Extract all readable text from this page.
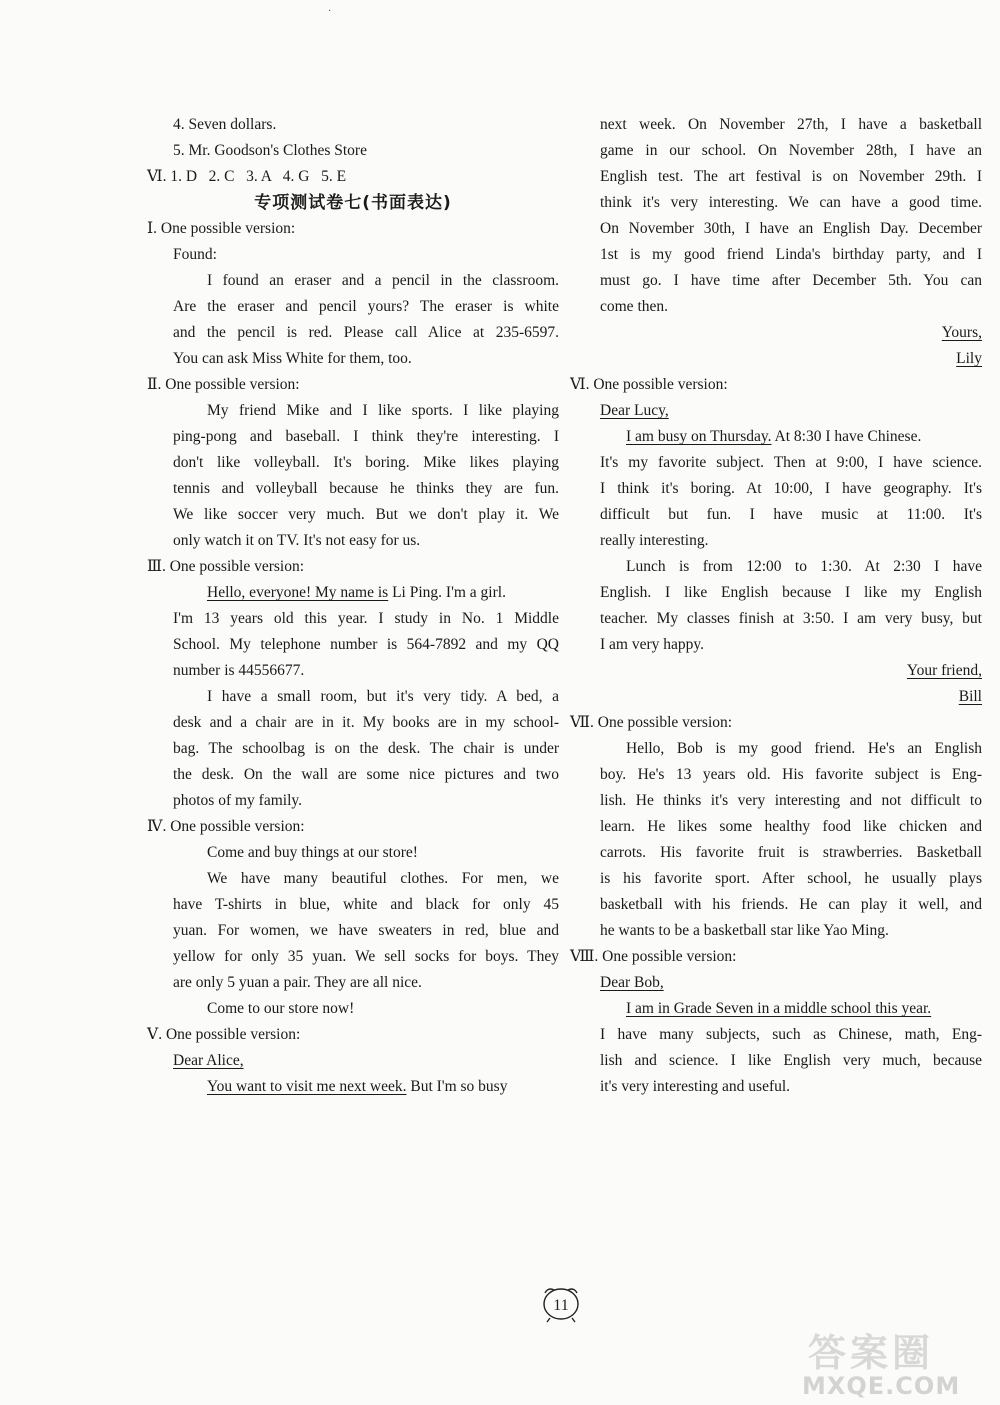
·
4. Seven dollars.
5. Mr. Goodson's Clothes Store
Ⅵ. 1. D 2. C 3. A 4. G 5. E
专项测试卷七(书面表达)
Ⅰ. One possible version:
Found:
I found an eraser and a pencil in the classroom.
Are the eraser and pencil yours? The eraser is white
and the pencil is red. Please call Alice at 235-6597.
You can ask Miss White for them, too.
Ⅱ. One possible version:
My friend Mike and I like sports. I like playing
ping-pong and baseball. I think they're interesting. I
don't like volleyball. It's boring. Mike likes playing
tennis and volleyball because he thinks they are fun.
We like soccer very much. But we don't play it. We
only watch it on TV. It's not easy for us.
Ⅲ. One possible version:
Hello, everyone! My name is Li Ping. I'm a girl.
I'm 13 years old this year. I study in No. 1 Middle
School. My telephone number is 564-7892 and my QQ
number is 44556677.
I have a small room, but it's very tidy. A bed, a
desk and a chair are in it. My books are in my school-
bag. The schoolbag is on the desk. The chair is under
the desk. On the wall are some nice pictures and two
photos of my family.
Ⅳ. One possible version:
Come and buy things at our store!
We have many beautiful clothes. For men, we
have T-shirts in blue, white and black for only 45
yuan. For women, we have sweaters in red, blue and
yellow for only 35 yuan. We sell socks for boys. They
are only 5 yuan a pair. They are all nice.
Come to our store now!
Ⅴ. One possible version:
Dear Alice,
You want to visit me next week. But I'm so busy
next week. On November 27th, I have a basketball
game in our school. On November 28th, I have an
English test. The art festival is on November 29th. I
think it's very interesting. We can have a good time.
On November 30th, I have an English Day. December
1st is my good friend Linda's birthday party, and I
must go. I have time after December 5th. You can
come then.
Yours,
Lily
Ⅵ. One possible version:
Dear Lucy,
I am busy on Thursday. At 8:30 I have Chinese.
It's my favorite subject. Then at 9:00, I have science.
I think it's boring. At 10:00, I have geography. It's
difficult but fun. I have music at 11:00. It's
really interesting.
Lunch is from 12:00 to 1:30. At 2:30 I have
English. I like English because I like my English
teacher. My classes finish at 3:50. I am very busy, but
I am very happy.
Your friend,
Bill
Ⅶ. One possible version:
Hello, Bob is my good friend. He's an English
boy. He's 13 years old. His favorite subject is Eng-
lish. He thinks it's very interesting and not difficult to
learn. He likes some healthy food like chicken and
carrots. His favorite fruit is strawberries. Basketball
is his favorite sport. After school, he usually plays
basketball with his friends. He can play it well, and
he wants to be a basketball star like Yao Ming.
Ⅷ. One possible version:
Dear Bob,
I am in Grade Seven in a middle school this year.
I have many subjects, such as Chinese, math, Eng-
lish and science. I like English very much, because
it's very interesting and useful.
11
答案圈
MXQE.COM
